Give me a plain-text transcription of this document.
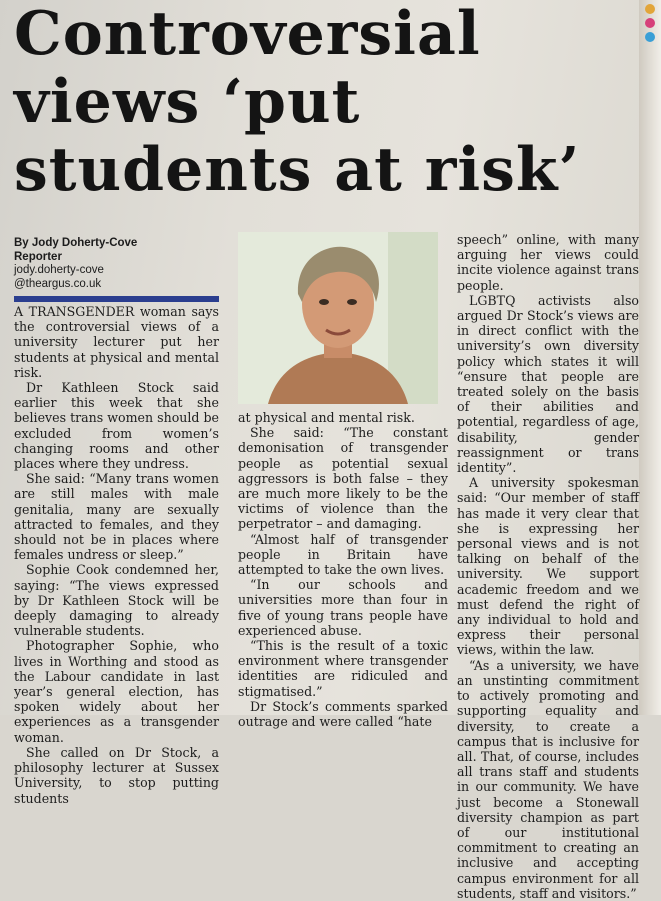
Controversial
views ‘put
students at risk’
By Jody Doherty-Cove
Reporter
jody.doherty-cove
@theargus.co.uk

A TRANSGENDER woman says the controversial views of a university lecturer put her students at physical and mental risk.

Dr Kathleen Stock said earlier this week that she believes trans women should be excluded from women’s changing rooms and other places where they undress.

She said: “Many trans women are still males with male genitalia, many are sexually attracted to females, and they should not be in places where females undress or sleep.”

Sophie Cook condemned her, saying: “The views expressed by Dr Kathleen Stock will be deeply damaging to already vulnerable students.

Photographer Sophie, who lives in Worthing and stood as the Labour candidate in last year’s general election, has spoken widely about her experiences as a transgender woman.

She called on Dr Stock, a philosophy lecturer at Sussex University, to stop putting students

at physical and mental risk.

She said: “The constant demonisation of transgender people as potential sexual aggressors is both false – they are much more likely to be the victims of violence than the perpetrator – and damaging.

“Almost half of transgender people in Britain have attempted to take the own lives.

“In our schools and universities more than four in five of young trans people have experienced abuse.

“This is the result of a toxic environment where transgender identities are ridiculed and stigmatised.”

Dr Stock’s comments sparked outrage and were called “hate

speech” online, with many arguing her views could incite violence against trans people.

LGBTQ activists also argued Dr Stock’s views are in direct conflict with the university’s own diversity policy which states it will “ensure that people are treated solely on the basis of their abilities and potential, regardless of age, disability, gender reassignment or trans identity”.

A university spokesman said: “Our member of staff has made it very clear that she is expressing her personal views and is not talking on behalf of the university. We support academic freedom and we must defend the right of any individual to hold and express their personal views, within the law.

“As a university, we have an unstinting commitment to actively promoting and supporting equality and diversity, to create a campus that is inclusive for all. That, of course, includes all trans staff and students in our community. We have just become a Stonewall diversity champion as part of our institutional commitment to creating an inclusive and accepting campus environment for all students, staff and visitors.”
